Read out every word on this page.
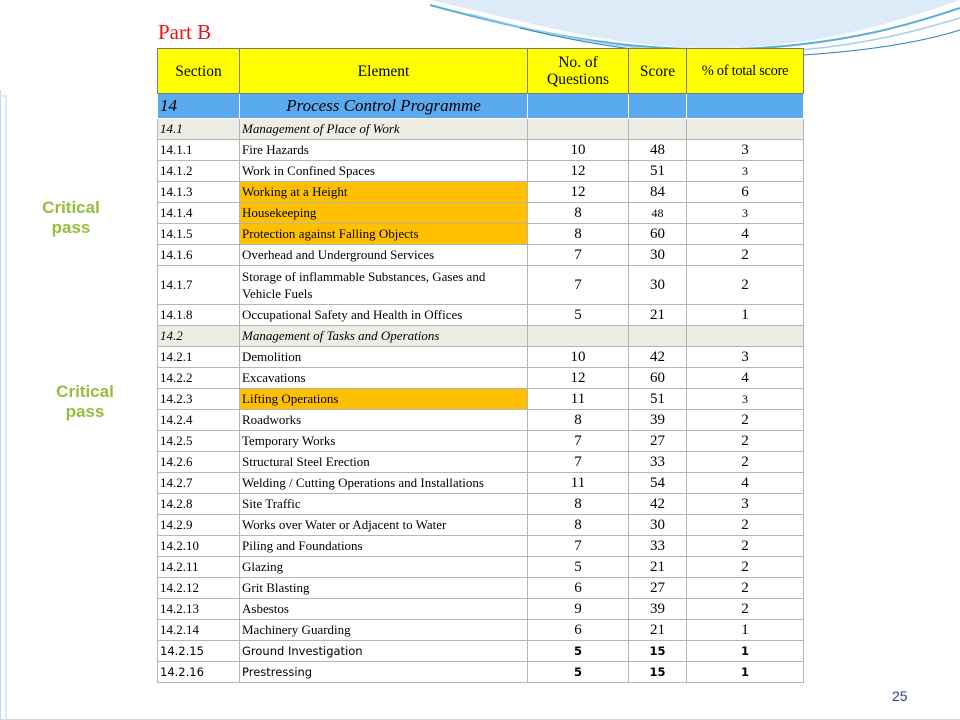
Part B
Critical pass
Critical pass
25
Section	Element	No. of Questions	Score	% of total score
14	Process Control Programme			
14.1	Management of Place of Work			
14.1.1	Fire Hazards	10	48	3
14.1.2	Work in Confined Spaces	12	51	3
14.1.3	Working at a Height	12	84	6
14.1.4	Housekeeping	8	48	3
14.1.5	Protection against Falling Objects	8	60	4
14.1.6	Overhead and Underground Services	7	30	2
14.1.7	Storage of inflammable Substances, Gases and Vehicle Fuels	7	30	2
14.1.8	Occupational Safety and Health in Offices	5	21	1
14.2	Management of Tasks and Operations			
14.2.1	Demolition	10	42	3
14.2.2	Excavations	12	60	4
14.2.3	Lifting Operations	11	51	3
14.2.4	Roadworks	8	39	2
14.2.5	Temporary Works	7	27	2
14.2.6	Structural Steel Erection	7	33	2
14.2.7	Welding / Cutting Operations and Installations	11	54	4
14.2.8	Site Traffic	8	42	3
14.2.9	Works over Water or Adjacent to Water	8	30	2
14.2.10	Piling and Foundations	7	33	2
14.2.11	Glazing	5	21	2
14.2.12	Grit Blasting	6	27	2
14.2.13	Asbestos	9	39	2
14.2.14	Machinery Guarding	6	21	1
14.2.15	Ground Investigation	5	15	1
14.2.16	Prestressing	5	15	1
